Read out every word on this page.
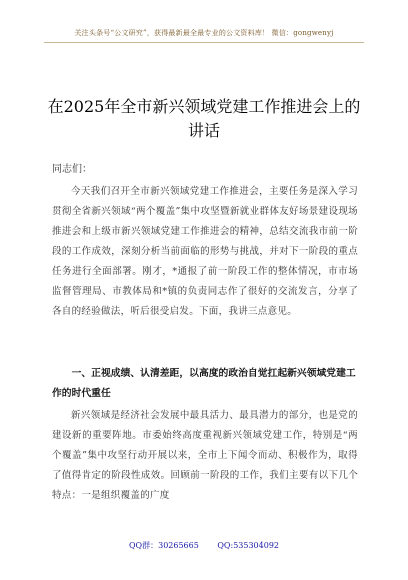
关注头条号“公文研究”，获得最新最全最专业的公文资料库！ 微信：gongwenyj
在2025年全市新兴领域党建工作推进会上的讲话
同志们：

今天我们召开全市新兴领域党建工作推进会，主要任务是深入学习贯彻全省新兴领域“两个覆盖”集中攻坚暨新就业群体友好场景建设现场推进会和上级市新兴领域党建工作推进会的精神，总结交流我市前一阶段的工作成效，深刻分析当前面临的形势与挑战，并对下一阶段的重点任务进行全面部署。刚才，*通报了前一阶段工作的整体情况，市市场监督管理局、市教体局和*镇的负责同志作了很好的交流发言，分享了各自的经验做法，听后很受启发。下面，我讲三点意见。

一、正视成绩、认清差距，以高度的政治自觉扛起新兴领域党建工作的时代重任

新兴领域是经济社会发展中最具活力、最具潜力的部分，也是党的建设新的重要阵地。市委始终高度重视新兴领域党建工作，特别是“两个覆盖”集中攻坚行动开展以来，全市上下闻令而动、积极作为，取得了值得肯定的阶段性成效。回顾前一阶段的工作，我们主要有以下几个特点：一是组织覆盖的广度

QQ群：30265665 QQ:535304092
